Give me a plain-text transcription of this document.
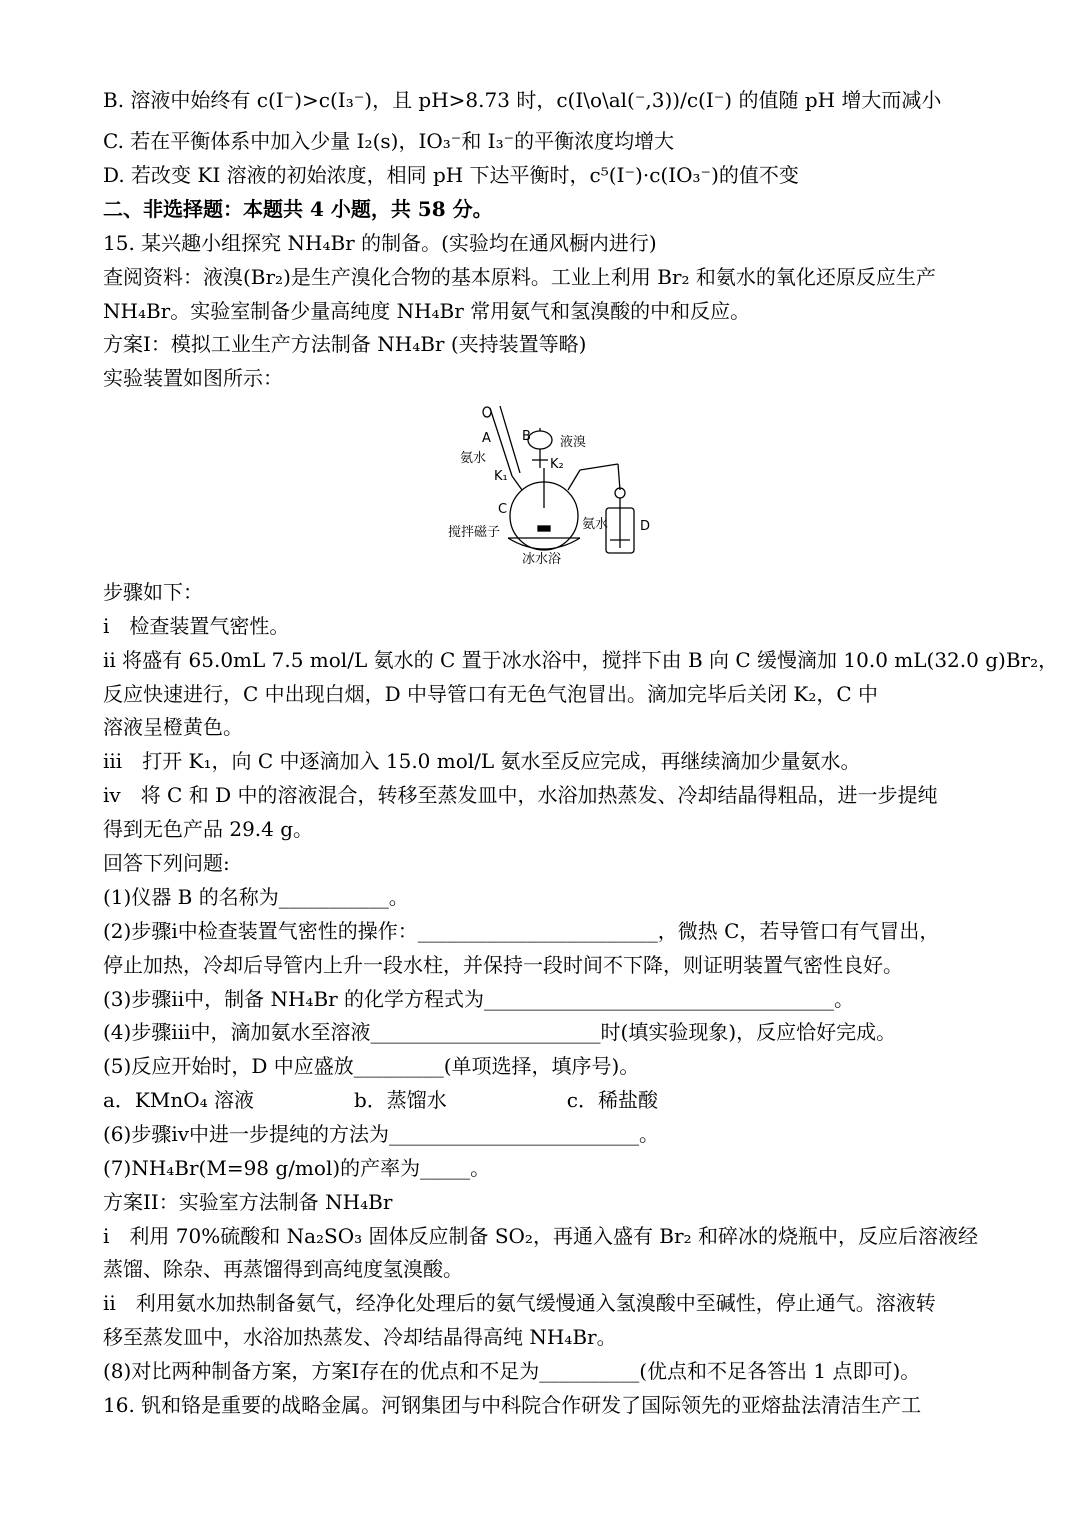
B. 溶液中始终有 c(I⁻)>c(I₃⁻)，且 pH>8.73 时，c(I\o\al(⁻,3))/c(I⁻) 的值随 pH 增大而减小
C. 若在平衡体系中加入少量 I₂(s)，IO₃⁻和 I₃⁻的平衡浓度均增大
D. 若改变 KI 溶液的初始浓度，相同 pH 下达平衡时，c⁵(I⁻)·c(IO₃⁻)的值不变
二、非选择题：本题共 4 小题，共 58 分。
15. 某兴趣小组探究 NH₄Br 的制备。(实验均在通风橱内进行)
查阅资料：液溴(Br₂)是生产溴化合物的基本原料。工业上利用 Br₂ 和氨水的氧化还原反应生产
NH₄Br。实验室制备少量高纯度 NH₄Br 常用氨气和氢溴酸的中和反应。
方案I：模拟工业生产方法制备 NH₄Br (夹持装置等略)
实验装置如图所示：
A B 液溴
氨水
K₁
K₂
C
搅拌磁子
氨水 D
冰水浴
步骤如下：
i　检查装置气密性。
ii 将盛有 65.0mL 7.5 mol/L 氨水的 C 置于冰水浴中，搅拌下由 B 向 C 缓慢滴加 10.0 mL(32.0 g)Br₂，
反应快速进行，C 中出现白烟，D 中导管口有无色气泡冒出。滴加完毕后关闭 K₂，C 中
溶液呈橙黄色。
iii　打开 K₁，向 C 中逐滴加入 15.0 mol/L 氨水至反应完成，再继续滴加少量氨水。
iv　将 C 和 D 中的溶液混合，转移至蒸发皿中，水浴加热蒸发、冷却结晶得粗品，进一步提纯
得到无色产品 29.4 g。
回答下列问题:
(1)仪器 B 的名称为___________。
(2)步骤i中检查装置气密性的操作：________________________，微热 C，若导管口有气冒出，
停止加热，冷却后导管内上升一段水柱，并保持一段时间不下降，则证明装置气密性良好。
(3)步骤ii中，制备 NH₄Br 的化学方程式为___________________________________。
(4)步骤iii中，滴加氨水至溶液_______________________时(填实验现象)，反应恰好完成。
(5)反应开始时，D 中应盛放_________(单项选择，填序号)。
a．KMnO₄ 溶液　　　　　b．蒸馏水　　　　　　c．稀盐酸
(6)步骤iv中进一步提纯的方法为_________________________。
(7)NH₄Br(M=98 g/mol)的产率为_____。
方案II：实验室方法制备 NH₄Br
i　利用 70%硫酸和 Na₂SO₃ 固体反应制备 SO₂，再通入盛有 Br₂ 和碎冰的烧瓶中，反应后溶液经
蒸馏、除杂、再蒸馏得到高纯度氢溴酸。
ii　利用氨水加热制备氨气，经净化处理后的氨气缓慢通入氢溴酸中至碱性，停止通气。溶液转
移至蒸发皿中，水浴加热蒸发、冷却结晶得高纯 NH₄Br。
(8)对比两种制备方案，方案I存在的优点和不足为__________(优点和不足各答出 1 点即可)。
16. 钒和铬是重要的战略金属。河钢集团与中科院合作研发了国际领先的亚熔盐法清洁生产工
